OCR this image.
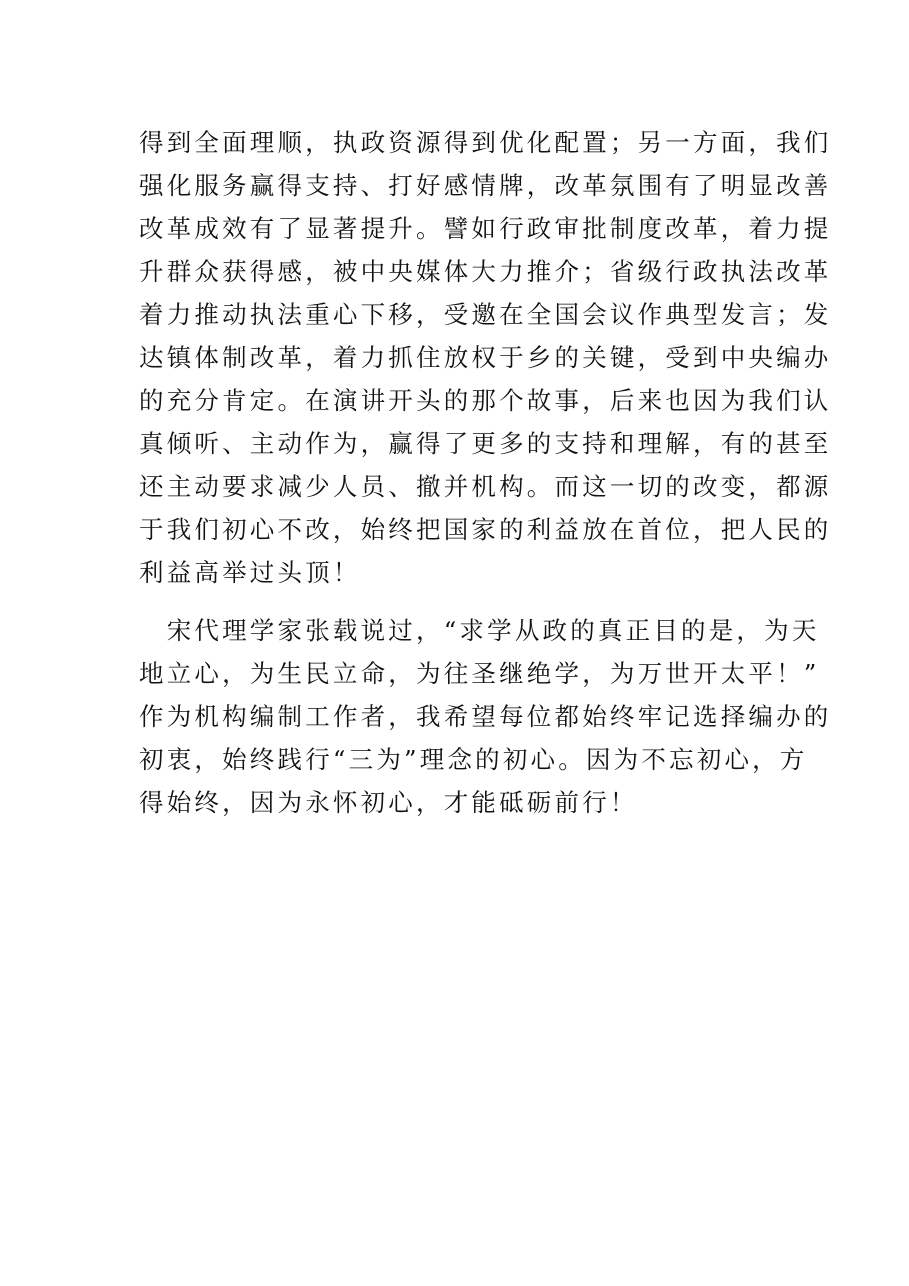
得到全面理顺，执政资源得到优化配置；另一方面，我们
强化服务赢得支持、打好感情牌，改革氛围有了明显改善
改革成效有了显著提升。譬如行政审批制度改革，着力提
升群众获得感，被中央媒体大力推介；省级行政执法改革
着力推动执法重心下移，受邀在全国会议作典型发言；发
达镇体制改革，着力抓住放权于乡的关键，受到中央编办
的充分肯定。在演讲开头的那个故事，后来也因为我们认
真倾听、主动作为，赢得了更多的支持和理解，有的甚至
还主动要求减少人员、撤并机构。而这一切的改变，都源
于我们初心不改，始终把国家的利益放在首位，把人民的
利益高举过头顶！

　宋代理学家张载说过，“求学从政的真正目的是，为天
地立心，为生民立命，为往圣继绝学，为万世开太平！”
作为机构编制工作者，我希望每位都始终牢记选择编办的
初衷，始终践行“三为”理念的初心。因为不忘初心，方
得始终，因为永怀初心，才能砥砺前行！
